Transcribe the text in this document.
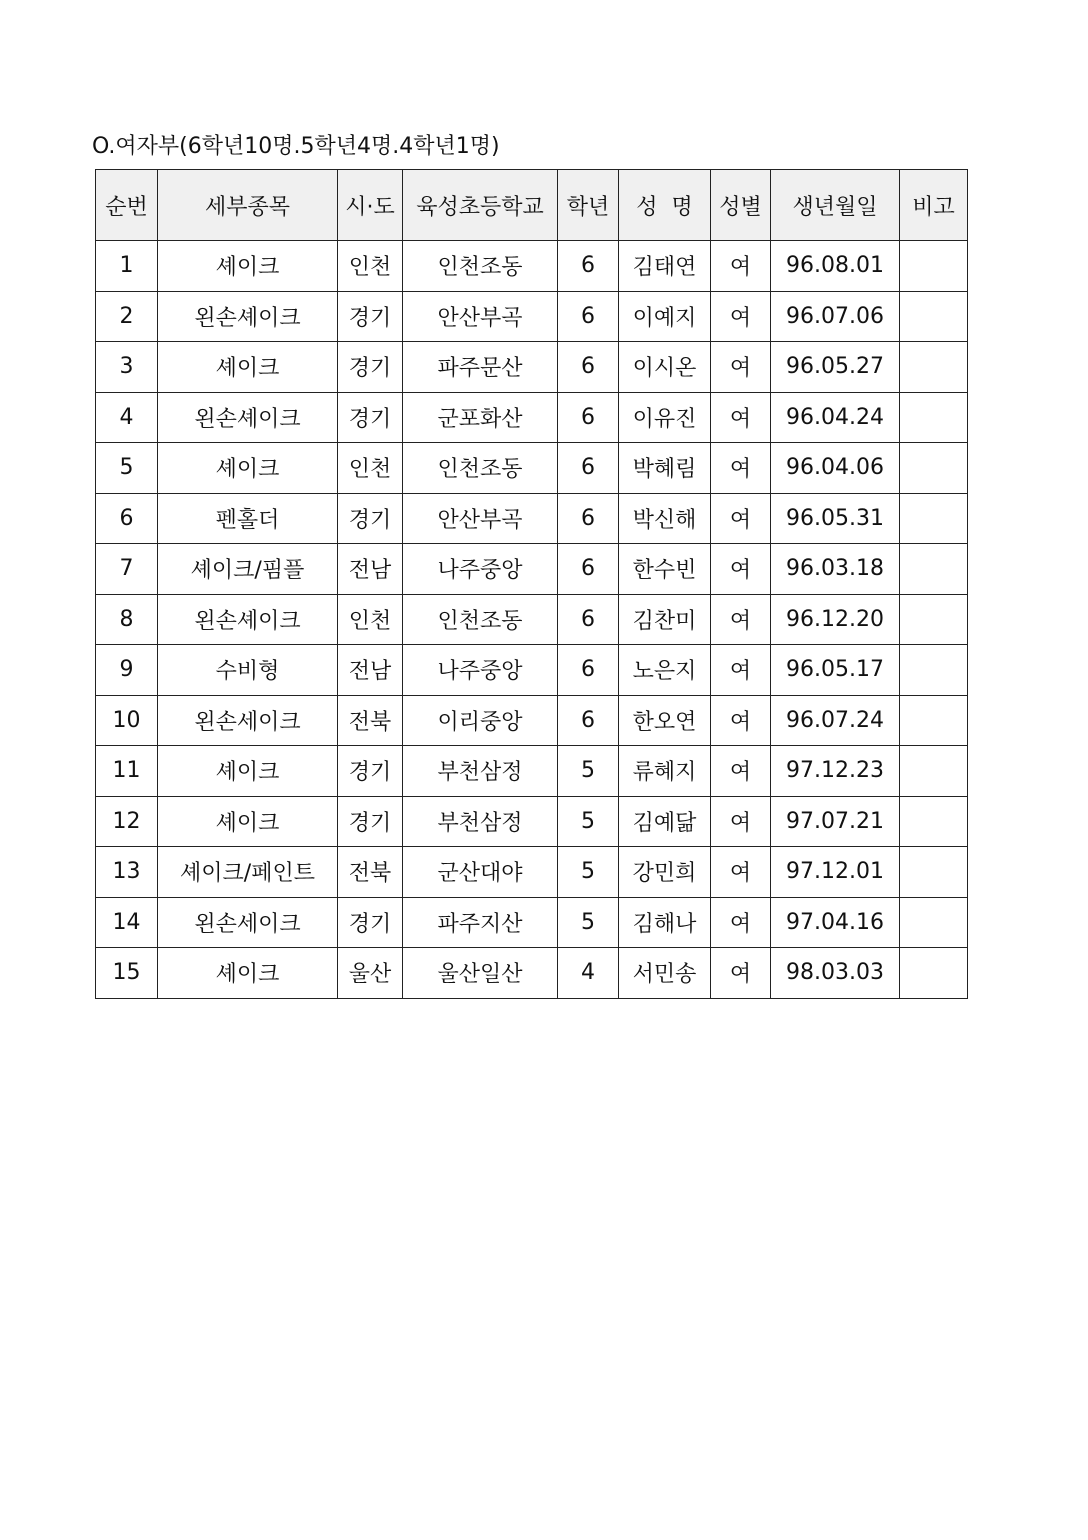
O.여자부(6학년10명.5학년4명.4학년1명)
순번	세부종목	시·도	육성초등학교	학년	성  명	성별	생년월일	비고
1	셰이크	인천	인천조동	6	김태연	여	96.08.01	
2	왼손셰이크	경기	안산부곡	6	이예지	여	96.07.06	
3	셰이크	경기	파주문산	6	이시온	여	96.05.27	
4	왼손셰이크	경기	군포화산	6	이유진	여	96.04.24	
5	셰이크	인천	인천조동	6	박혜림	여	96.04.06	
6	펜홀더	경기	안산부곡	6	박신해	여	96.05.31	
7	셰이크/핌플	전남	나주중앙	6	한수빈	여	96.03.18	
8	왼손셰이크	인천	인천조동	6	김찬미	여	96.12.20	
9	수비형	전남	나주중앙	6	노은지	여	96.05.17	
10	왼손세이크	전북	이리중앙	6	한오연	여	96.07.24	
11	셰이크	경기	부천삼정	5	류혜지	여	97.12.23	
12	셰이크	경기	부천삼정	5	김예닮	여	97.07.21	
13	셰이크/페인트	전북	군산대야	5	강민희	여	97.12.01	
14	왼손세이크	경기	파주지산	5	김해나	여	97.04.16	
15	셰이크	울산	울산일산	4	서민송	여	98.03.03	
